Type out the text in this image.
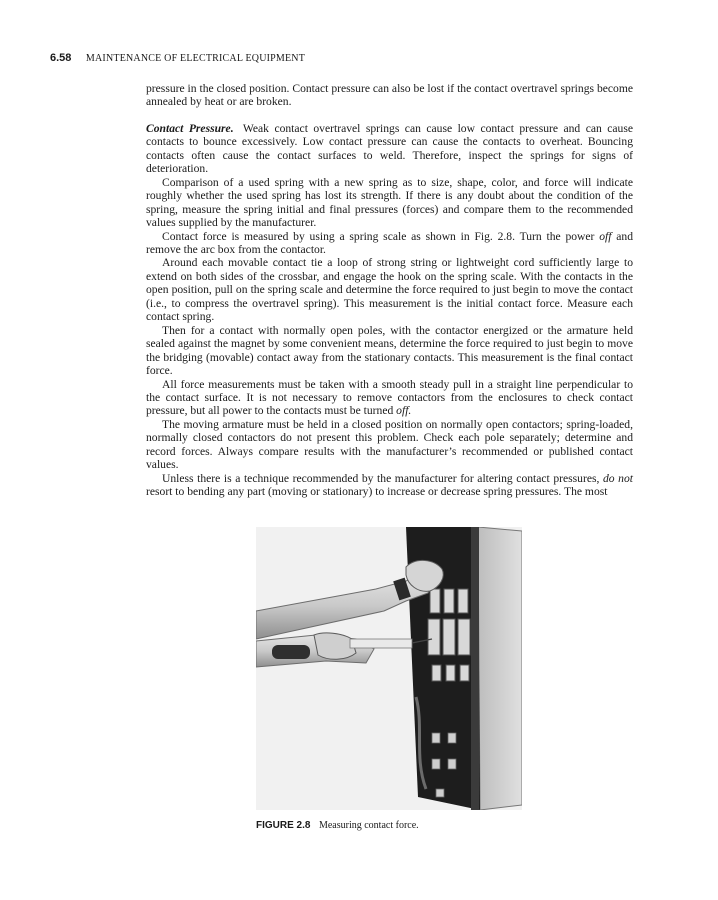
6.58 MAINTENANCE OF ELECTRICAL EQUIPMENT

pressure in the closed position. Contact pressure can also be lost if the contact overtravel springs become annealed by heat or are broken.

Contact Pressure. Weak contact overtravel springs can cause low contact pressure and can cause contacts to bounce excessively. Low contact pressure can cause the contacts to overheat. Bouncing contacts often cause the contact surfaces to weld. Therefore, inspect the springs for signs of deterioration.

Comparison of a used spring with a new spring as to size, shape, color, and force will indicate roughly whether the used spring has lost its strength. If there is any doubt about the condition of the spring, measure the spring initial and final pressures (forces) and compare them to the recommended values supplied by the manufacturer.

Contact force is measured by using a spring scale as shown in Fig. 2.8. Turn the power off and remove the arc box from the contactor.

Around each movable contact tie a loop of strong string or lightweight cord sufficiently large to extend on both sides of the crossbar, and engage the hook on the spring scale. With the contacts in the open position, pull on the spring scale and determine the force required to just begin to move the contact (i.e., to compress the overtravel spring). This measurement is the initial contact force. Measure each contact spring.

Then for a contact with normally open poles, with the contactor energized or the armature held sealed against the magnet by some convenient means, determine the force required to just begin to move the bridging (movable) contact away from the stationary contacts. This measurement is the final contact force.

All force measurements must be taken with a smooth steady pull in a straight line perpendicular to the contact surface. It is not necessary to remove contactors from the enclosures to check contact pressure, but all power to the contacts must be turned off.

The moving armature must be held in a closed position on normally open contactors; spring-loaded, normally closed contactors do not present this problem. Check each pole separately; determine and record forces. Always compare results with the manufacturer’s recommended or published contact values.

Unless there is a technique recommended by the manufacturer for altering contact pressures, do not resort to bending any part (moving or stationary) to increase or decrease spring pressures. The most

FIGURE 2.8 Measuring contact force.
